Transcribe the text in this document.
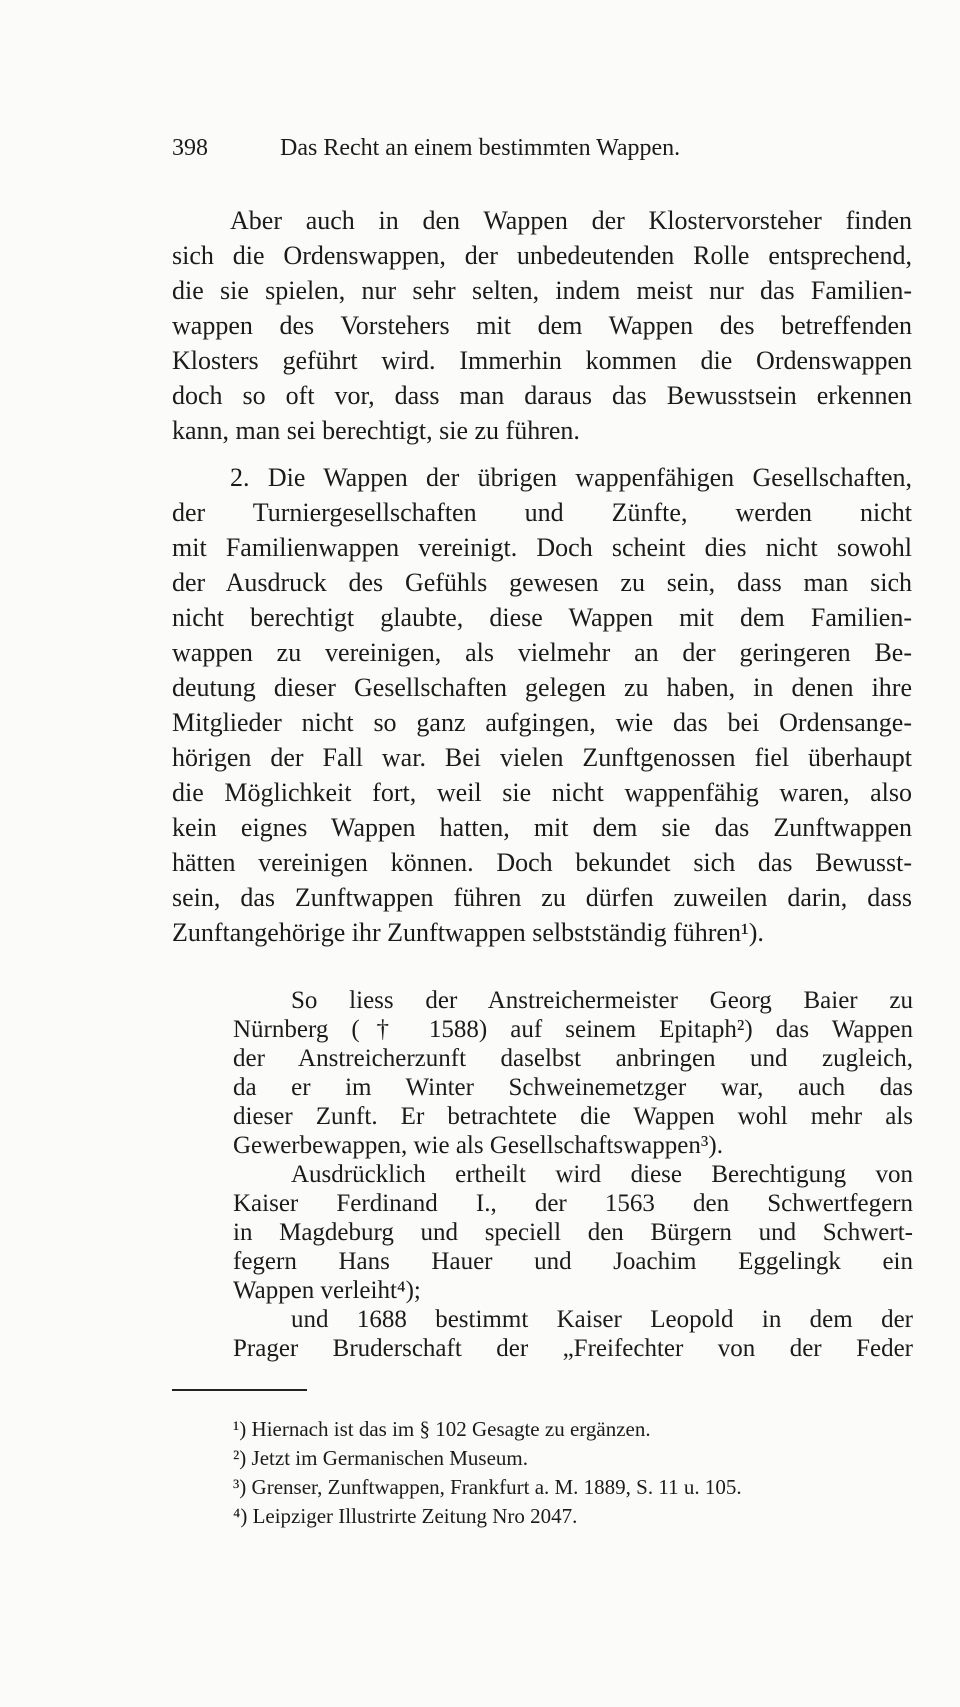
398	Das Recht an einem bestimmten Wappen.
Aber auch in den Wappen der Klostervorsteher finden
sich die Ordenswappen, der unbedeutenden Rolle entsprechend,
die sie spielen, nur sehr selten, indem meist nur das Familien-
wappen des Vorstehers mit dem Wappen des betreffenden
Klosters geführt wird. Immerhin kommen die Ordenswappen
doch so oft vor, dass man daraus das Bewusstsein erkennen
kann, man sei berechtigt, sie zu führen.
2. Die Wappen der übrigen wappenfähigen Gesellschaften,
der Turniergesellschaften und Zünfte, werden nicht
mit Familienwappen vereinigt. Doch scheint dies nicht sowohl
der Ausdruck des Gefühls gewesen zu sein, dass man sich
nicht berechtigt glaubte, diese Wappen mit dem Familien-
wappen zu vereinigen, als vielmehr an der geringeren Be-
deutung dieser Gesellschaften gelegen zu haben, in denen ihre
Mitglieder nicht so ganz aufgingen, wie das bei Ordensange-
hörigen der Fall war. Bei vielen Zunftgenossen fiel überhaupt
die Möglichkeit fort, weil sie nicht wappenfähig waren, also
kein eignes Wappen hatten, mit dem sie das Zunftwappen
hätten vereinigen können. Doch bekundet sich das Bewusst-
sein, das Zunftwappen führen zu dürfen zuweilen darin, dass
Zunftangehörige ihr Zunftwappen selbstständig führen¹).
So liess der Anstreichermeister Georg Baier zu
Nürnberg († 1588) auf seinem Epitaph²) das Wappen
der Anstreicherzunft daselbst anbringen und zugleich,
da er im Winter Schweinemetzger war, auch das
dieser Zunft. Er betrachtete die Wappen wohl mehr als
Gewerbewappen, wie als Gesellschaftswappen³).
Ausdrücklich ertheilt wird diese Berechtigung von
Kaiser Ferdinand I., der 1563 den Schwertfegern
in Magdeburg und speciell den Bürgern und Schwert-
fegern Hans Hauer und Joachim Eggelingk ein
Wappen verleiht⁴);
und 1688 bestimmt Kaiser Leopold in dem der
Prager Bruderschaft der „Freifechter von der Feder
¹) Hiernach ist das im § 102 Gesagte zu ergänzen.
²) Jetzt im Germanischen Museum.
³) Grenser, Zunftwappen, Frankfurt a. M. 1889, S. 11 u. 105.
⁴) Leipziger Illustrirte Zeitung Nro 2047.
